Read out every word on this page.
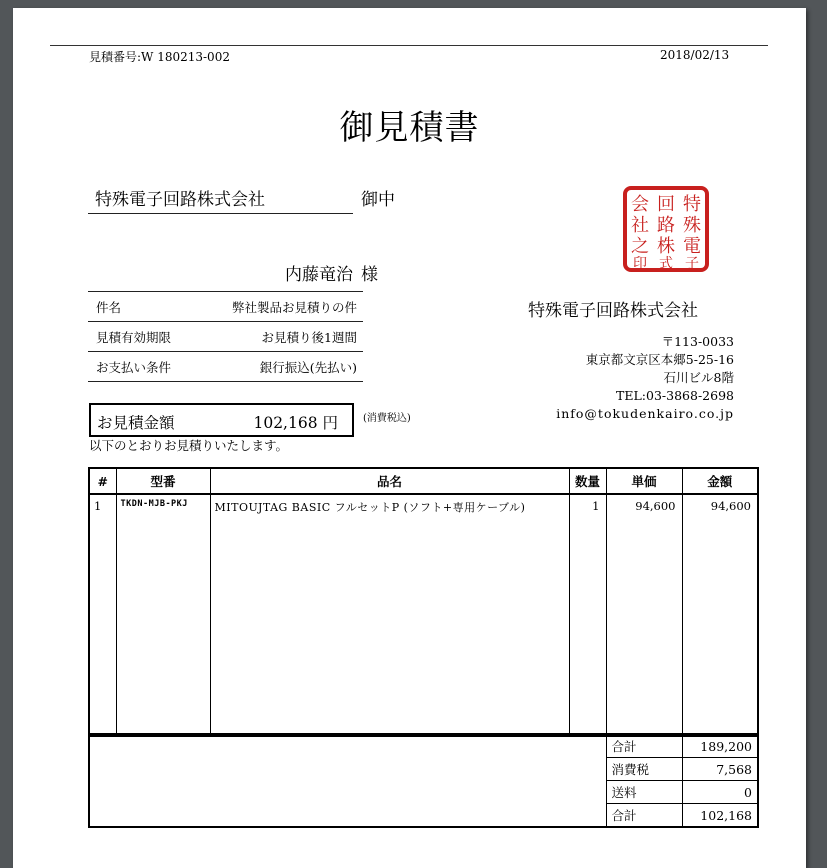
見積番号:W 180213-002	2018/02/13
御見積書
特殊電子回路株式会社	御中
内藤竜治 様
件名	弊社製品お見積りの件
見積有効期限	お見積り後1週間
お支払い条件	銀行振込(先払い)
お見積金額	102,168 円	(消費税込)
以下のとおりお見積りいたします。
特
殊
電
子
回
路
株
式
会
社
之
印
特殊電子回路株式会社
〒113-0033
東京都文京区本郷5-25-16
石川ビル8階
TEL:03-3868-2698
info@tokudenkairo.co.jp
#	型番	品名	数量	単価	金額
1	TKDN-MJB-PKJ	MITOUJTAG BASIC フルセットP (ソフト+専用ケーブル)	1	94,600	94,600
	合計	189,200
	消費税	7,568
	送料	0
	合計	102,168
